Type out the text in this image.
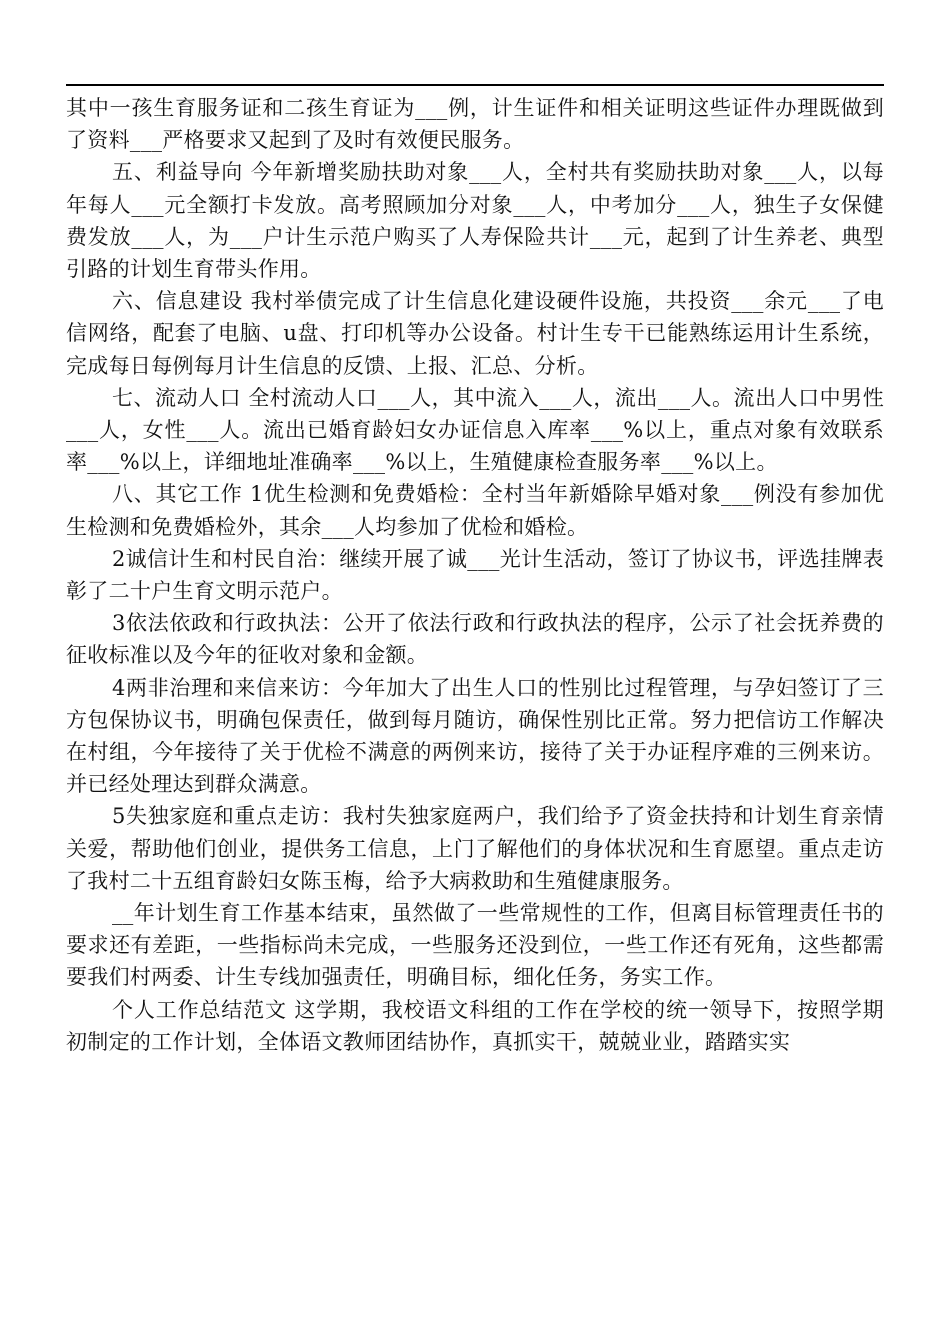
其中一孩生育服务证和二孩生育证为___例，计生证件和相关证明这些证件办理既做到了资料___严格要求又起到了及时有效便民服务。

五、利益导向 今年新增奖励扶助对象___人，全村共有奖励扶助对象___人，以每年每人___元全额打卡发放。高考照顾加分对象___人，中考加分___人，独生子女保健费发放___人，为___户计生示范户购买了人寿保险共计___元，起到了计生养老、典型引路的计划生育带头作用。

六、信息建设 我村举债完成了计生信息化建设硬件设施，共投资___余元___了电信网络，配套了电脑、u盘、打印机等办公设备。村计生专干已能熟练运用计生系统，完成每日每例每月计生信息的反馈、上报、汇总、分析。

七、流动人口 全村流动人口___人，其中流入___人，流出___人。流出人口中男性___人，女性___人。流出已婚育龄妇女办证信息入库率___%以上，重点对象有效联系率___%以上，详细地址准确率___%以上，生殖健康检查服务率___%以上。

八、其它工作 1优生检测和免费婚检：全村当年新婚除早婚对象___例没有参加优生检测和免费婚检外，其余___人均参加了优检和婚检。

2诚信计生和村民自治：继续开展了诚___光计生活动，签订了协议书，评选挂牌表彰了二十户生育文明示范户。

3依法依政和行政执法：公开了依法行政和行政执法的程序，公示了社会抚养费的征收标准以及今年的征收对象和金额。

4两非治理和来信来访：今年加大了出生人口的性别比过程管理，与孕妇签订了三方包保协议书，明确包保责任，做到每月随访，确保性别比正常。努力把信访工作解决在村组，今年接待了关于优检不满意的两例来访，接待了关于办证程序难的三例来访。并已经处理达到群众满意。

5失独家庭和重点走访：我村失独家庭两户，我们给予了资金扶持和计划生育亲情关爱，帮助他们创业，提供务工信息，上门了解他们的身体状况和生育愿望。重点走访了我村二十五组育龄妇女陈玉梅，给予大病救助和生殖健康服务。

__年计划生育工作基本结束，虽然做了一些常规性的工作，但离目标管理责任书的要求还有差距，一些指标尚未完成，一些服务还没到位，一些工作还有死角，这些都需要我们村两委、计生专线加强责任，明确目标，细化任务，务实工作。

个人工作总结范文 这学期，我校语文科组的工作在学校的统一领导下，按照学期初制定的工作计划，全体语文教师团结协作，真抓实干，兢兢业业，踏踏实实
